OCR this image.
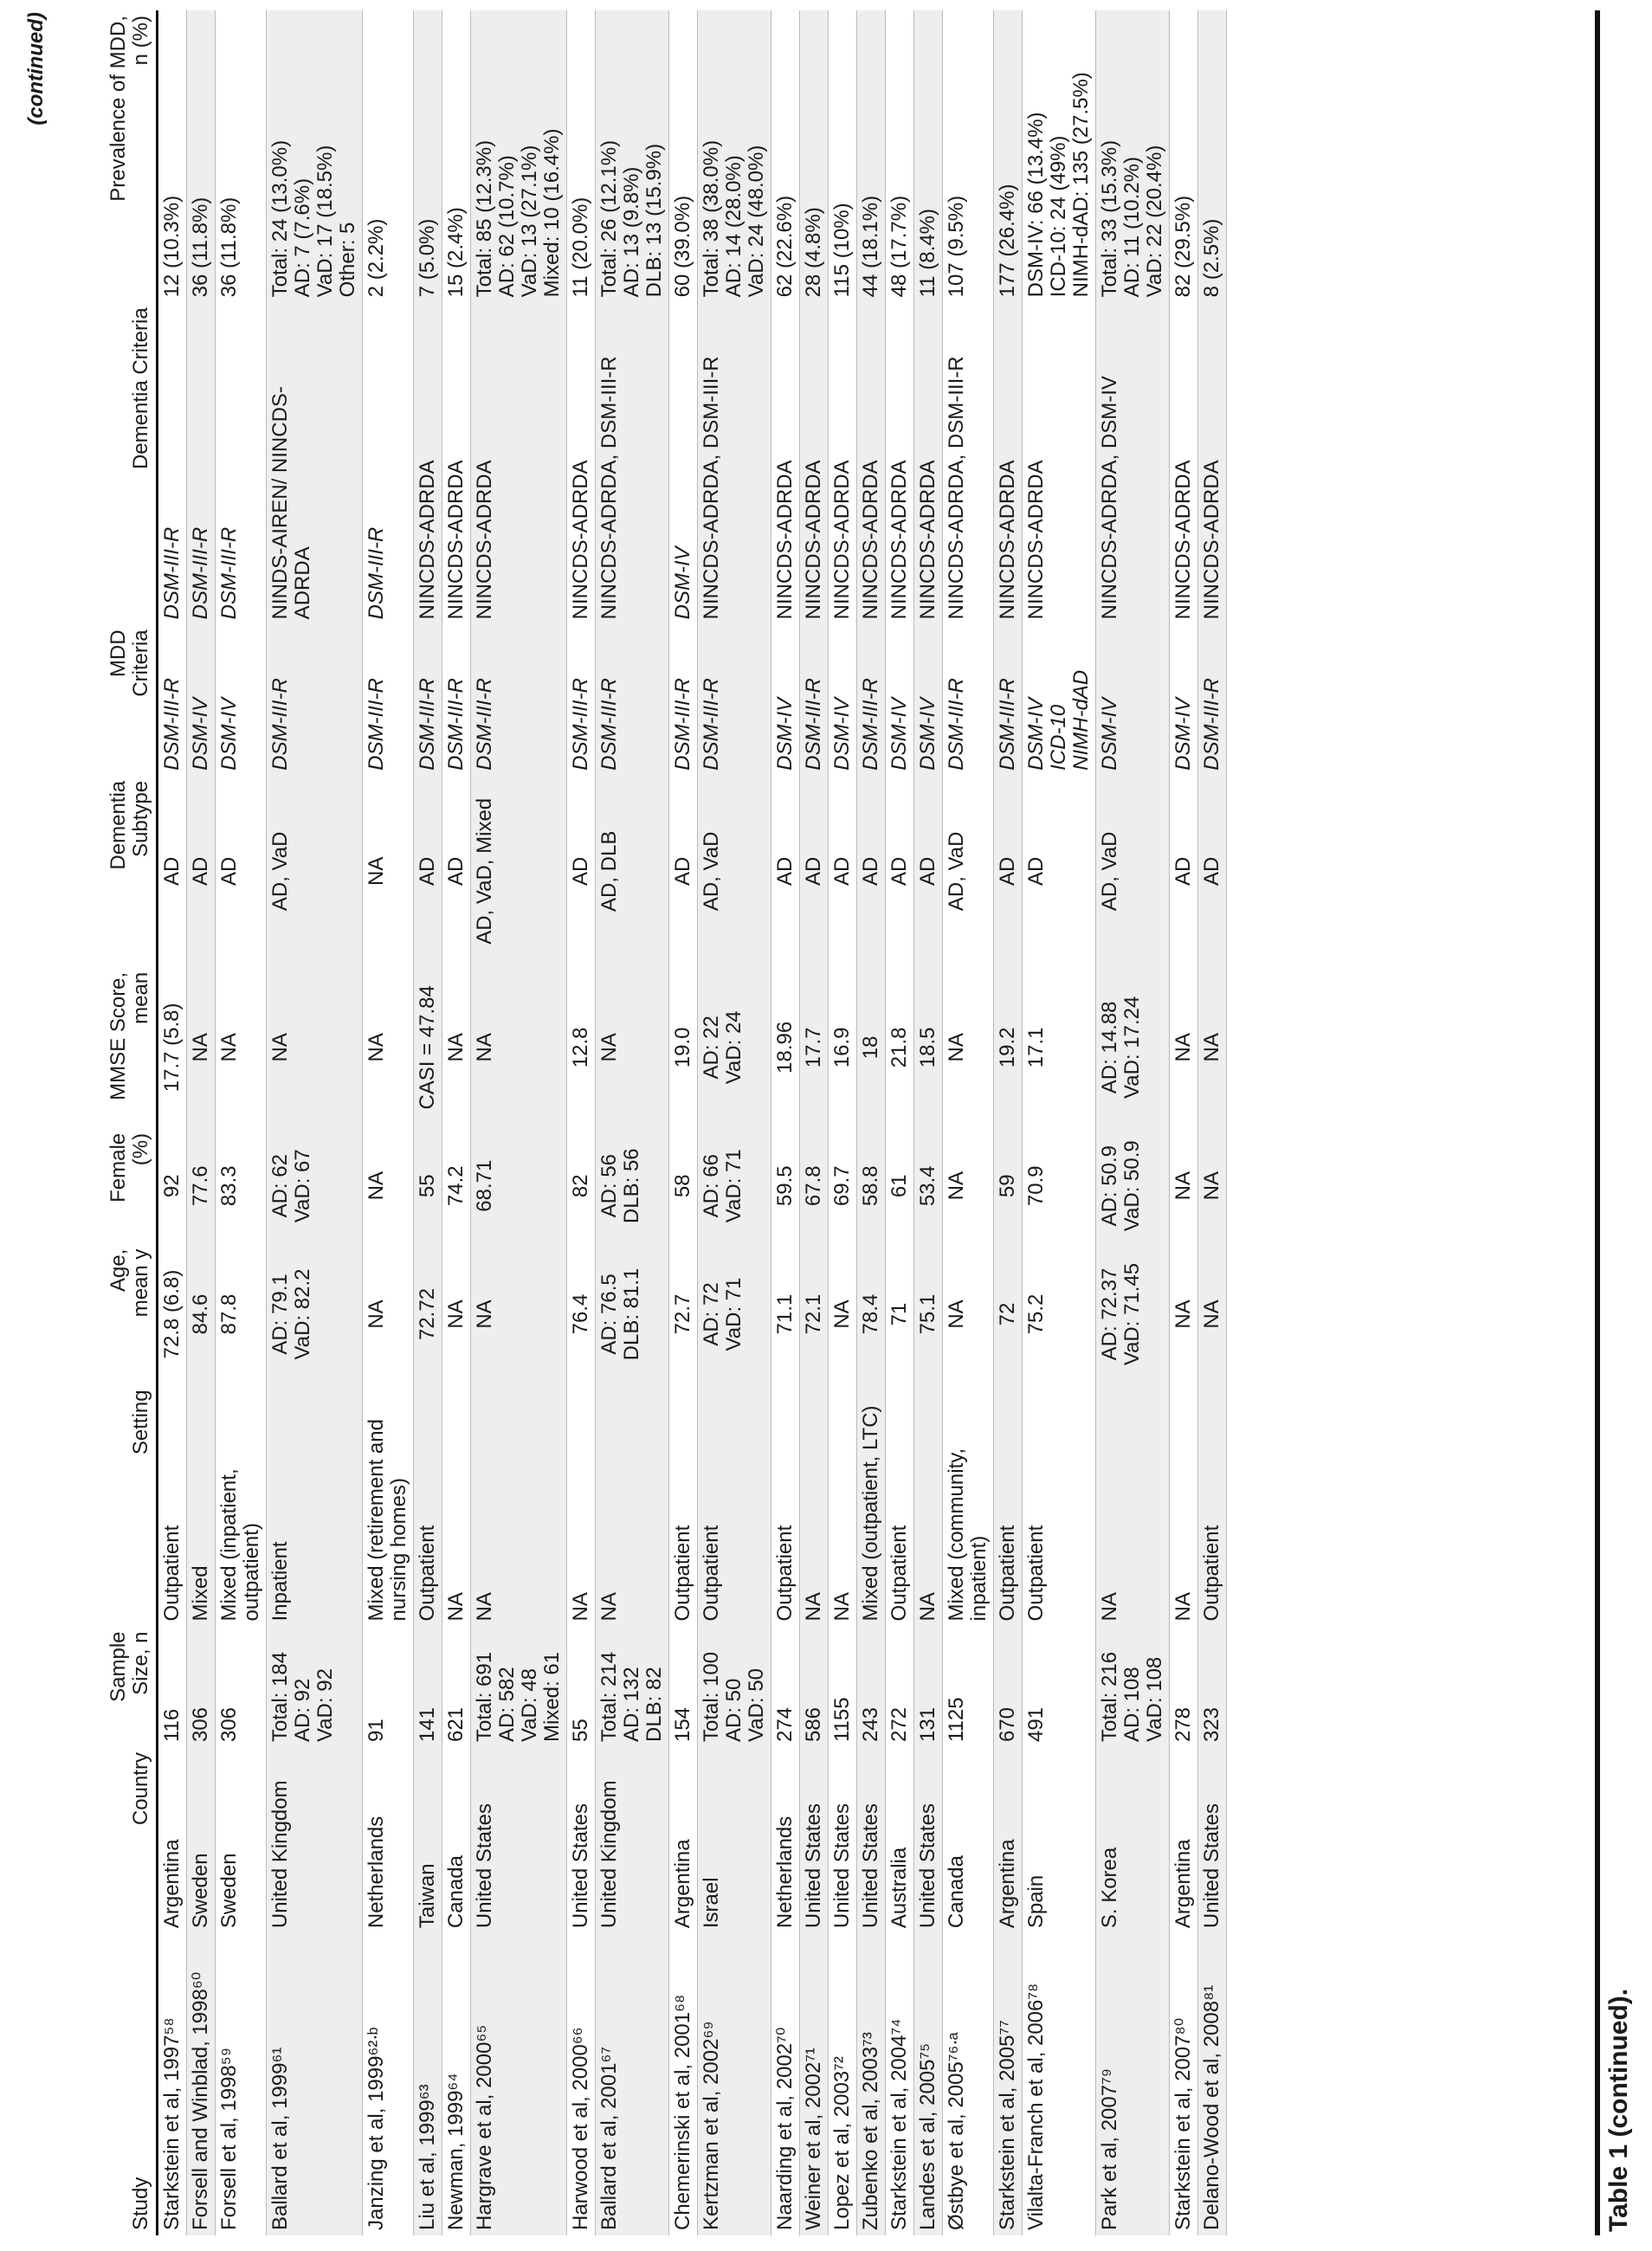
Table 1 (continued).
(continued)
Study	Country	Sample
Size, n	Setting	Age,
mean y	Female
(%)	MMSE Score,
mean	Dementia
Subtype	MDD
Criteria	Dementia Criteria	Prevalence of MDD,
n (%)
Starkstein et al, 1997⁵⁸	Argentina	116	Outpatient	72.8 (6.8)	92	17.7 (5.8)	AD	DSM-III-R	DSM-III-R	12 (10.3%)
Forsell and Winblad, 1998⁶⁰	Sweden	306	Mixed	84.6	77.6	NA	AD	DSM-IV	DSM-III-R	36 (11.8%)
Forsell et al, 1998⁵⁹	Sweden	306	Mixed (inpatient,
outpatient)	87.8	83.3	NA	AD	DSM-IV	DSM-III-R	36 (11.8%)
Ballard et al, 1999⁶¹	United Kingdom	Total: 184
AD: 92
VaD: 92	Inpatient	AD: 79.1
VaD: 82.2	AD: 62
VaD: 67	NA	AD, VaD	DSM-III-R	NINDS-AIREN/ NINCDS-
ADRDA	Total: 24 (13.0%)
AD: 7 (7.6%)
VaD: 17 (18.5%)
Other: 5
Janzing et al, 1999⁶²ᐧᵇ	Netherlands	91	Mixed (retirement and
nursing homes)	NA	NA	NA	NA	DSM-III-R	DSM-III-R	2 (2.2%)
Liu et al, 1999⁶³	Taiwan	141	Outpatient	72.72	55	CASI = 47.84	AD	DSM-III-R	NINCDS-ADRDA	7 (5.0%)
Newman, 1999⁶⁴	Canada	621	NA	NA	74.2	NA	AD	DSM-III-R	NINCDS-ADRDA	15 (2.4%)
Hargrave et al, 2000⁶⁵	United States	Total: 691
AD: 582
VaD: 48
Mixed: 61	NA	NA	68.71	NA	AD, VaD, Mixed	DSM-III-R	NINCDS-ADRDA	Total: 85 (12.3%)
AD: 62 (10.7%)
VaD: 13 (27.1%)
Mixed: 10 (16.4%)
Harwood et al, 2000⁶⁶	United States	55	NA	76.4	82	12.8	AD	DSM-III-R	NINCDS-ADRDA	11 (20.0%)
Ballard et al, 2001⁶⁷	United Kingdom	Total: 214
AD: 132
DLB: 82	NA	AD: 76.5
DLB: 81.1	AD: 56
DLB: 56	NA	AD, DLB	DSM-III-R	NINCDS-ADRDA, DSM-III-R	Total: 26 (12.1%)
AD: 13 (9.8%)
DLB: 13 (15.9%)
Chemerinski et al, 2001⁶⁸	Argentina	154	Outpatient	72.7	58	19.0	AD	DSM-III-R	DSM-IV	60 (39.0%)
Kertzman et al, 2002⁶⁹	Israel	Total: 100
AD: 50
VaD: 50	Outpatient	AD: 72
VaD: 71	AD: 66
VaD: 71	AD: 22
VaD: 24	AD, VaD	DSM-III-R	NINCDS-ADRDA, DSM-III-R	Total: 38 (38.0%)
AD: 14 (28.0%)
VaD: 24 (48.0%)
Naarding et al, 2002⁷⁰	Netherlands	274	Outpatient	71.1	59.5	18.96	AD	DSM-IV	NINCDS-ADRDA	62 (22.6%)
Weiner et al, 2002⁷¹	United States	586	NA	72.1	67.8	17.7	AD	DSM-III-R	NINCDS-ADRDA	28 (4.8%)
Lopez et al, 2003⁷²	United States	1155	NA	NA	69.7	16.9	AD	DSM-IV	NINCDS-ADRDA	115 (10%)
Zubenko et al, 2003⁷³	United States	243	Mixed (outpatient, LTC)	78.4	58.8	18	AD	DSM-III-R	NINCDS-ADRDA	44 (18.1%)
Starkstein et al, 2004⁷⁴	Australia	272	Outpatient	71	61	21.8	AD	DSM-IV	NINCDS-ADRDA	48 (17.7%)
Landes et al, 2005⁷⁵	United States	131	NA	75.1	53.4	18.5	AD	DSM-IV	NINCDS-ADRDA	11 (8.4%)
Østbye et al, 2005⁷⁶ᐧᵃ	Canada	1125	Mixed (community,
inpatient)	NA	NA	NA	AD, VaD	DSM-III-R	NINCDS-ADRDA, DSM-III-R	107 (9.5%)
Starkstein et al, 2005⁷⁷	Argentina	670	Outpatient	72	59	19.2	AD	DSM-III-R	NINCDS-ADRDA	177 (26.4%)
Vilalta-Franch et al, 2006⁷⁸	Spain	491	Outpatient	75.2	70.9	17.1	AD	DSM-IV
ICD-10
NIMH-dAD	NINCDS-ADRDA	DSM-IV: 66 (13.4%)
ICD-10: 24 (49%)
NIMH-dAD: 135 (27.5%)
Park et al, 2007⁷⁹	S. Korea	Total: 216
AD: 108
VaD: 108	NA	AD: 72.37
VaD: 71.45	AD: 50.9
VaD: 50.9	AD: 14.88
VaD: 17.24	AD, VaD	DSM-IV	NINCDS-ADRDA, DSM-IV	Total: 33 (15.3%)
AD: 11 (10.2%)
VaD: 22 (20.4%)
Starkstein et al, 2007⁸⁰	Argentina	278	NA	NA	NA	NA	AD	DSM-IV	NINCDS-ADRDA	82 (29.5%)
Delano-Wood et al, 2008⁸¹	United States	323	Outpatient	NA	NA	NA	AD	DSM-III-R	NINCDS-ADRDA	8 (2.5%)
